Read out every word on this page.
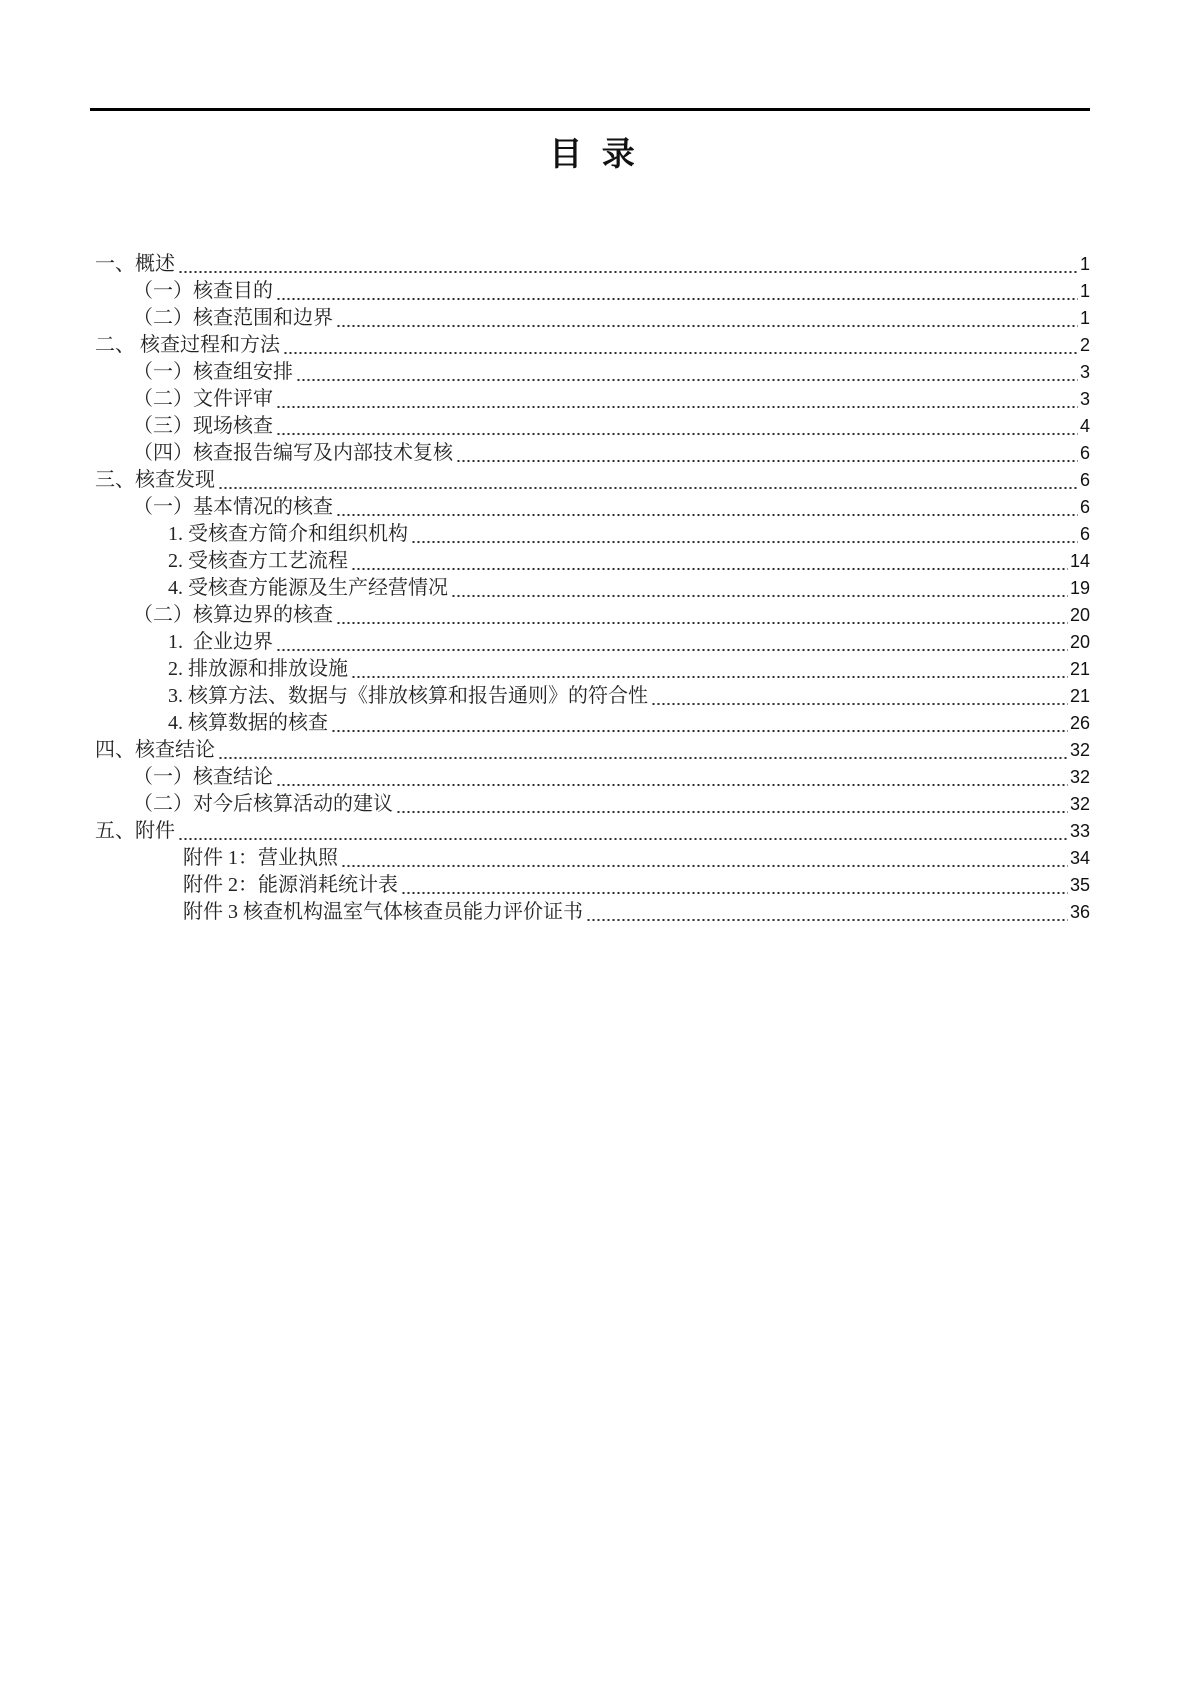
目  录
一、概述	1
（一）核查目的	1
（二）核查范围和边界	1
二、 核查过程和方法	2
（一）核查组安排	3
（二）文件评审	3
（三）现场核查	4
（四）核查报告编写及内部技术复核	6
三、核查发现	6
（一）基本情况的核查	6
1. 受核查方简介和组织机构	6
2. 受核查方工艺流程	14
4. 受核查方能源及生产经营情况	19
（二）核算边界的核查	20
1.  企业边界	20
2. 排放源和排放设施	21
3. 核算方法、数据与《排放核算和报告通则》的符合性	21
4. 核算数据的核查	26
四、核查结论	32
（一）核查结论	32
（二）对今后核算活动的建议	32
五、附件	33
附件 1：营业执照	34
附件 2：能源消耗统计表	35
附件 3 核查机构温室气体核查员能力评价证书	36
